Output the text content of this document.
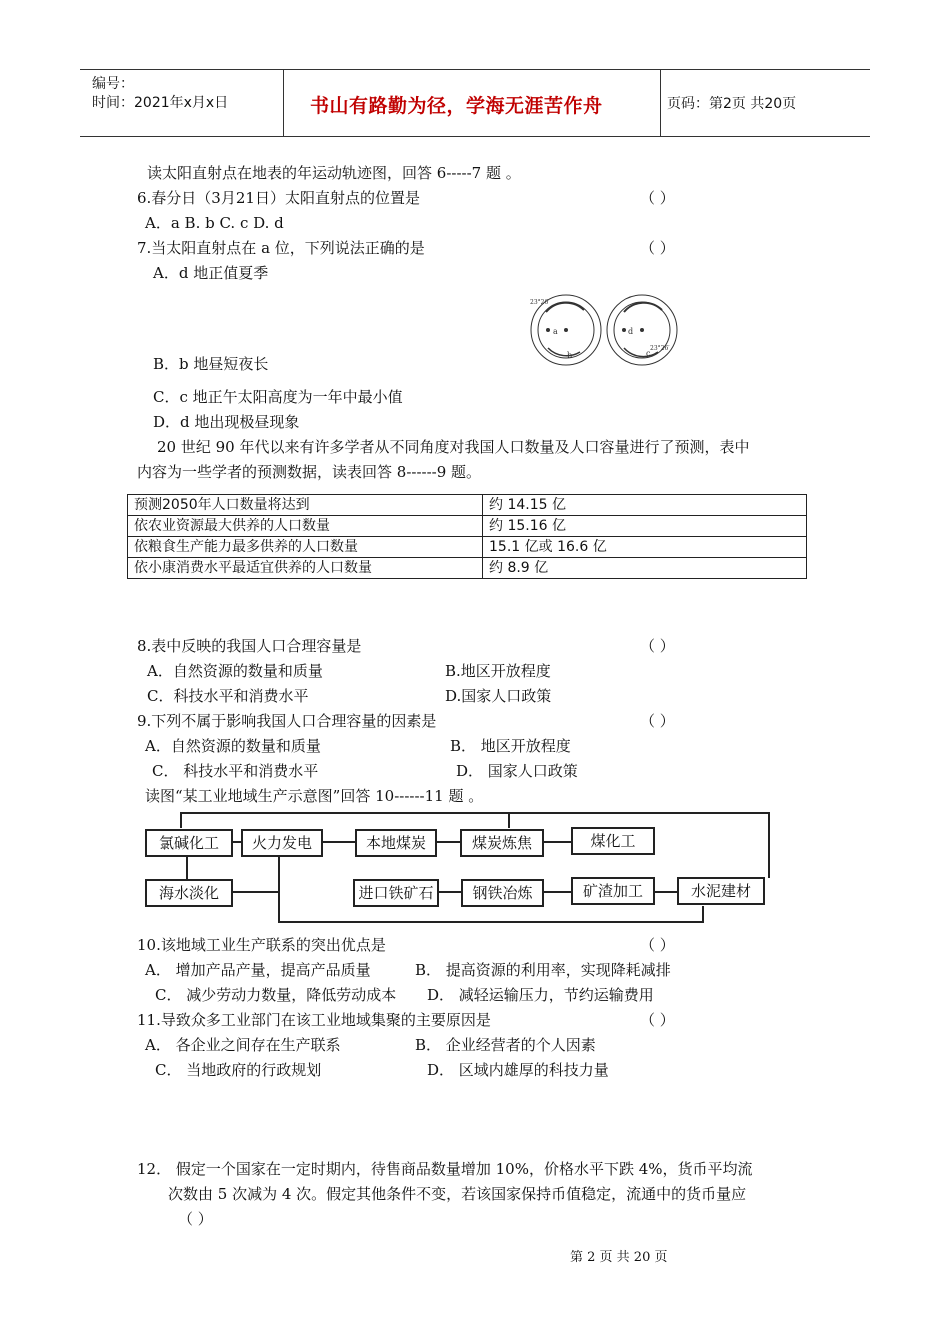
编号：
时间：2021年x月x日	书山有路勤为径，学海无涯苦作舟	页码：第2页 共20页
读太阳直射点在地表的年运动轨迹图，回答 6-----7 题 。
6.春分日（3月21日）太阳直射点的位置是	（ ）
A．a B. b C. c D. d
7.当太阳直射点在 a 位，下列说法正确的是	（ ）
A．d 地正值夏季
a
b
23°26′
d
c
23°26′
B．b 地昼短夜长
C．c 地正午太阳高度为一年中最小值
D．d 地出现极昼现象
20 世纪 90 年代以来有许多学者从不同角度对我国人口数量及人口容量进行了预测，表中
内容为一些学者的预测数据，读表回答 8------9 题。
预测2050年人口数量将达到	约 14.15 亿
依农业资源最大供养的人口数量	约 15.16 亿
依粮食生产能力最多供养的人口数量	15.1 亿或 16.6 亿
依小康消费水平最适宜供养的人口数量	约 8.9 亿
8.表中反映的我国人口合理容量是	（ ）
A．自然资源的数量和质量	B.地区开放程度
C．科技水平和消费水平	D.国家人口政策
9.下列不属于影响我国人口合理容量的因素是	（ ）
A．自然资源的数量和质量	B． 地区开放程度
C． 科技水平和消费水平	D． 国家人口政策
读图“某工业地域生产示意图”回答 10------11 题 。
氯碱化工	火力发电	本地煤炭	煤炭炼焦	煤化工
海水淡化	进口铁矿石	钢铁冶炼	矿渣加工	水泥建材
10.该地域工业生产联系的突出优点是	（ ）
A． 增加产品产量，提高产品质量	B． 提高资源的利用率，实现降耗减排
C． 减少劳动力数量，降低劳动成本 D． 减轻运输压力，节约运输费用
11.导致众多工业部门在该工业地域集聚的主要原因是	（ ）
A． 各企业之间存在生产联系	B． 企业经营者的个人因素
C． 当地政府的行政规划	D． 区域内雄厚的科技力量
12． 假定一个国家在一定时期内，待售商品数量增加 10%，价格水平下跌 4%，货币平均流
次数由 5 次减为 4 次。假定其他条件不变，若该国家保持币值稳定，流通中的货币量应
（ ）
第 2 页 共 20 页
